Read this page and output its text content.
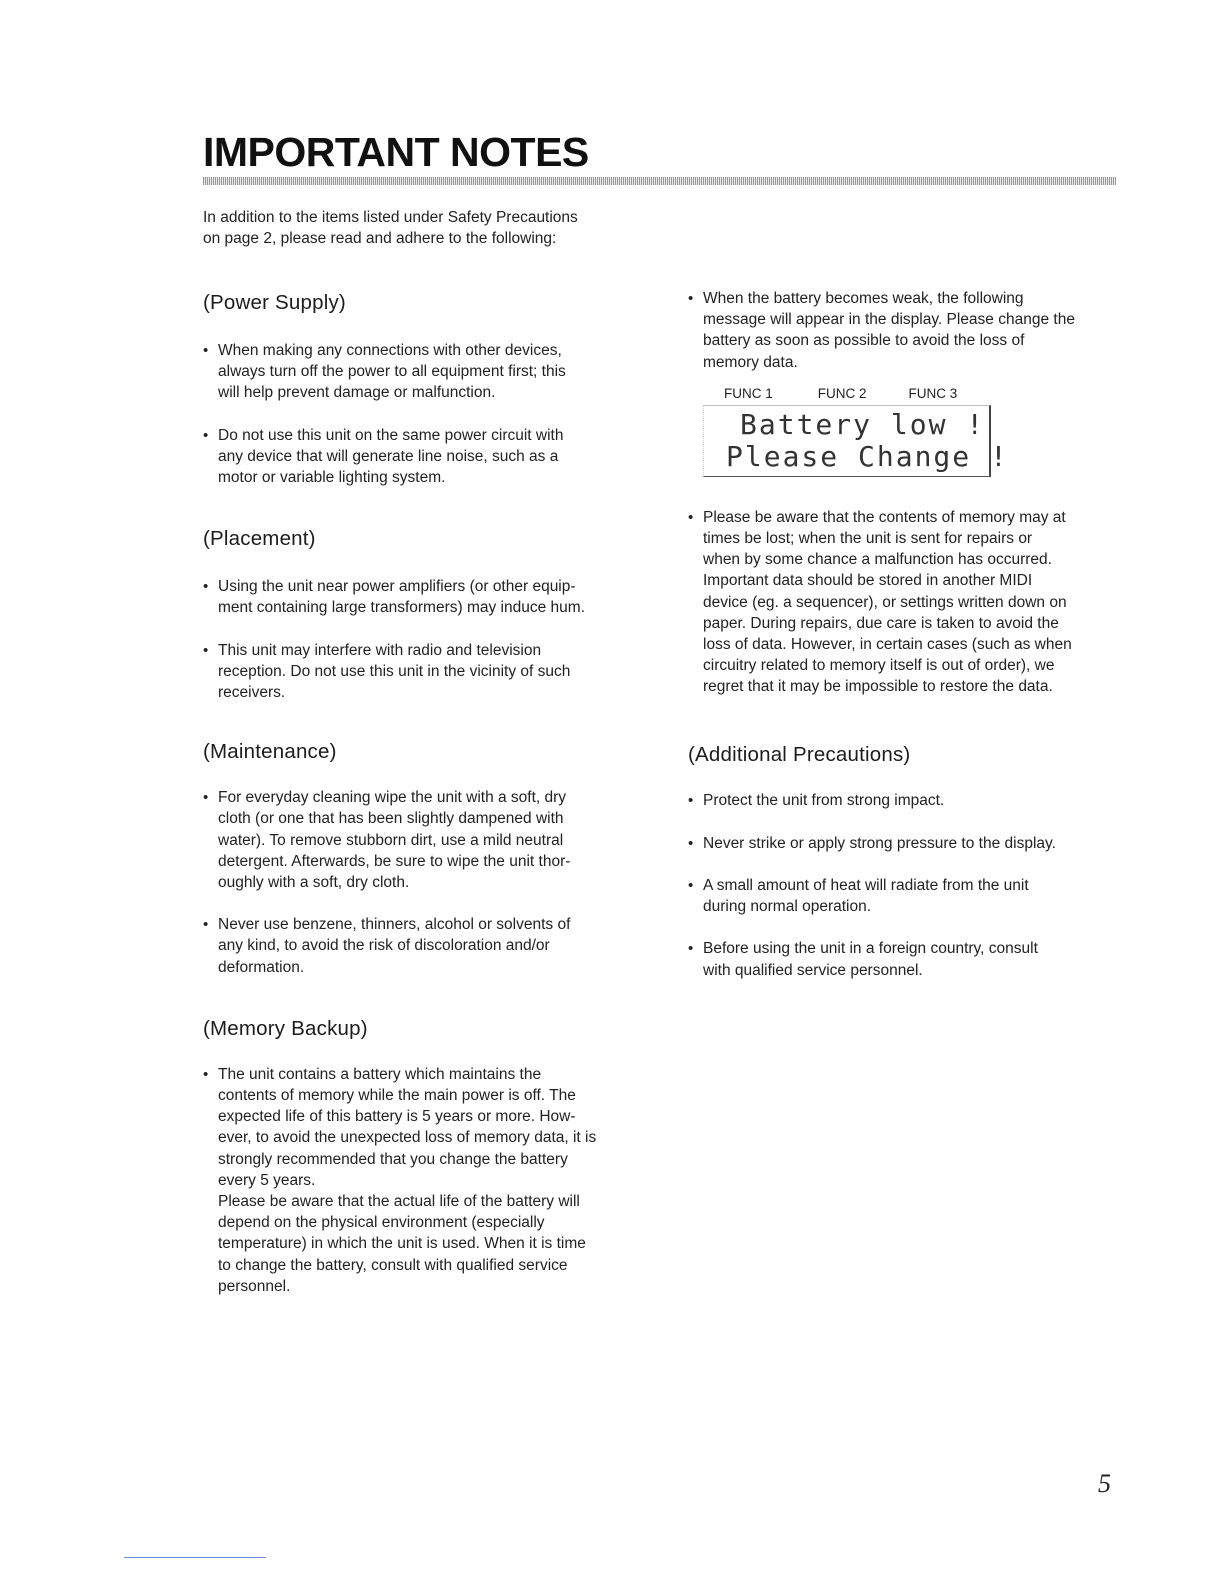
IMPORTANT NOTES

In addition to the items listed under Safety Precautions
on page 2, please read and adhere to the following:

(Power Supply)
• When making any connections with other devices,
always turn off the power to all equipment first; this
will help prevent damage or malfunction.
• Do not use this unit on the same power circuit with
any device that will generate line noise, such as a
motor or variable lighting system.
(Placement)
• Using the unit near power amplifiers (or other equip-
ment containing large transformers) may induce hum.
• This unit may interfere with radio and television
reception. Do not use this unit in the vicinity of such
receivers.
(Maintenance)
• For everyday cleaning wipe the unit with a soft, dry
cloth (or one that has been slightly dampened with
water). To remove stubborn dirt, use a mild neutral
detergent. Afterwards, be sure to wipe the unit thor-
oughly with a soft, dry cloth.
• Never use benzene, thinners, alcohol or solvents of
any kind, to avoid the risk of discoloration and/or
deformation.
(Memory Backup)

• The unit contains a battery which maintains the
contents of memory while the main power is off. The
expected life of this battery is 5 years or more. How-
ever, to avoid the unexpected loss of memory data, it is
strongly recommended that you change the battery
every 5 years.

Please be aware that the actual life of the battery will
depend on the physical environment (especially
temperature) in which the unit is used. When it is time
to change the battery, consult with qualified service
personnel.

• When the battery becomes weak, the following
message will appear in the display. Please change the
battery as soon as possible to avoid the loss of
memory data.
FUNC 1	FUNC 2	FUNC 3
Battery low !
Please Change !
• Please be aware that the contents of memory may at
times be lost; when the unit is sent for repairs or
when by some chance a malfunction has occurred.
Important data should be stored in another MIDI
device (eg. a sequencer), or settings written down on
paper. During repairs, due care is taken to avoid the
loss of data. However, in certain cases (such as when
circuitry related to memory itself is out of order), we
regret that it may be impossible to restore the data.
(Additional Precautions)
• Protect the unit from strong impact.
• Never strike or apply strong pressure to the display.
• A small amount of heat will radiate from the unit
during normal operation.
• Before using the unit in a foreign country, consult
with qualified service personnel.
5
